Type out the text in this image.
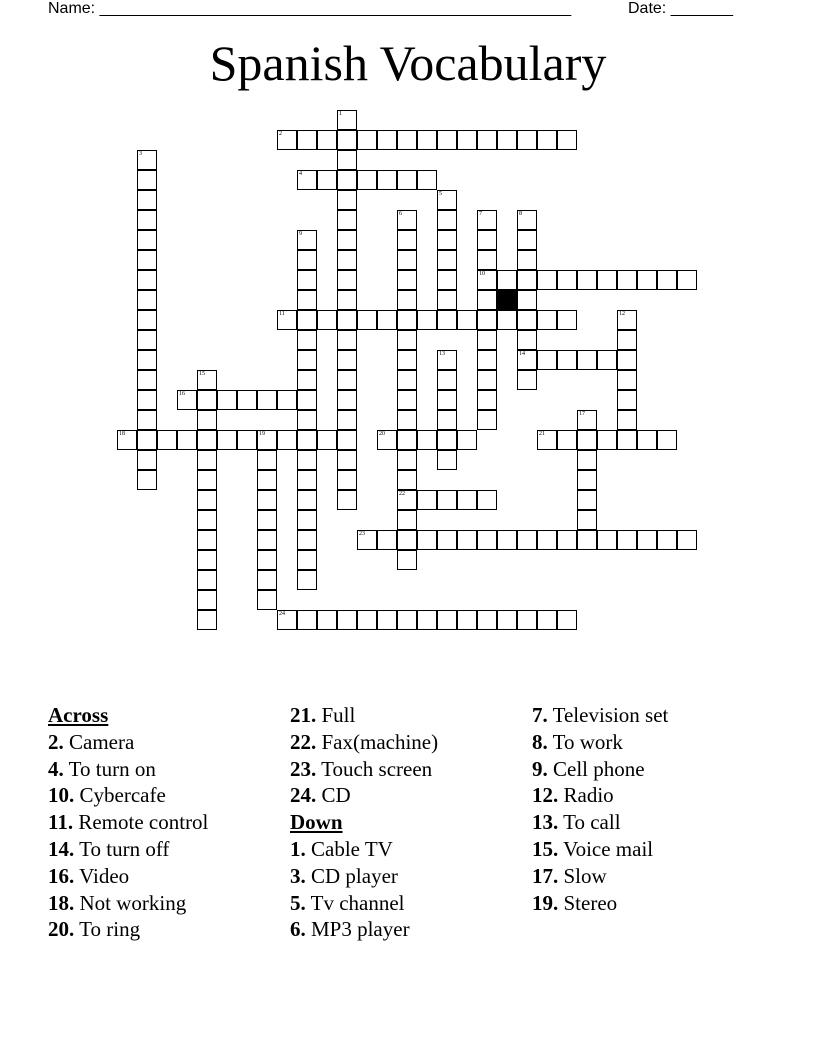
Name: _____________________________________________________	Date: _______
Spanish Vocabulary
1
2
3
4
5
6
22
7
10
8
14
9
11	12
13
15
16
17
18	19	20	21
23
24
Across
2. Camera
4. To turn on
10. Cybercafe
11. Remote control
14. To turn off
16. Video
18. Not working
20. To ring
21. Full
22. Fax(machine)
23. Touch screen
24. CD
Down
1. Cable TV
3. CD player
5. Tv channel
6. MP3 player
7. Television set
8. To work
9. Cell phone
12. Radio
13. To call
15. Voice mail
17. Slow
19. Stereo
